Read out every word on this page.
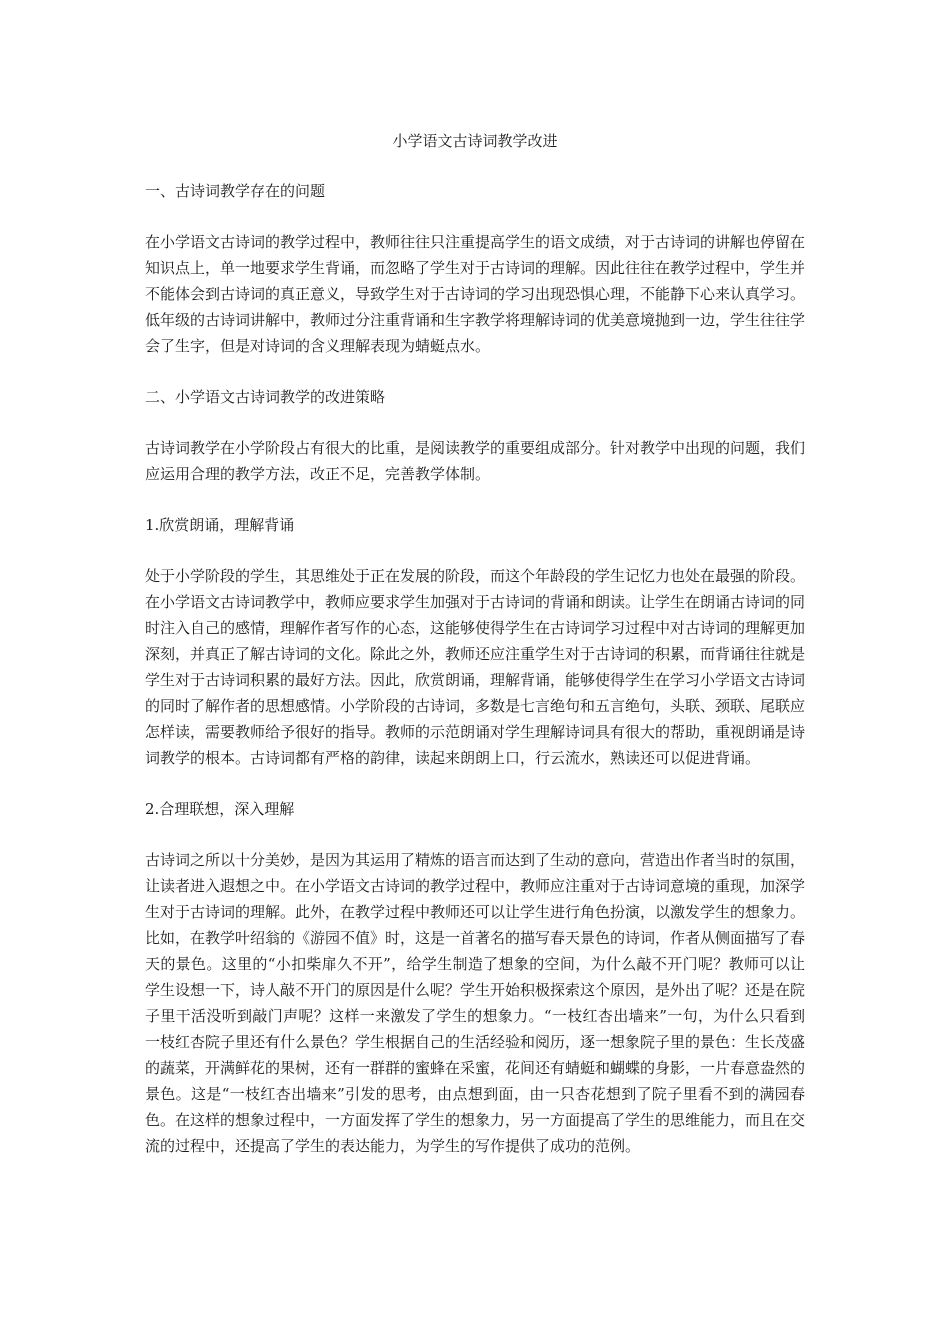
小学语文古诗词教学改进
一、古诗词教学存在的问题
在小学语文古诗词的教学过程中，教师往往只注重提高学生的语文成绩，对于古诗词的讲解也停留在知识点上，单一地要求学生背诵，而忽略了学生对于古诗词的理解。因此往往在教学过程中，学生并不能体会到古诗词的真正意义，导致学生对于古诗词的学习出现恐惧心理，不能静下心来认真学习。低年级的古诗词讲解中，教师过分注重背诵和生字教学将理解诗词的优美意境抛到一边，学生往往学会了生字，但是对诗词的含义理解表现为蜻蜓点水。
二、小学语文古诗词教学的改进策略
古诗词教学在小学阶段占有很大的比重，是阅读教学的重要组成部分。针对教学中出现的问题，我们应运用合理的教学方法，改正不足，完善教学体制。
1.欣赏朗诵，理解背诵
处于小学阶段的学生，其思维处于正在发展的阶段，而这个年龄段的学生记忆力也处在最强的阶段。在小学语文古诗词教学中，教师应要求学生加强对于古诗词的背诵和朗读。让学生在朗诵古诗词的同时注入自己的感情，理解作者写作的心态，这能够使得学生在古诗词学习过程中对古诗词的理解更加深刻，并真正了解古诗词的文化。除此之外，教师还应注重学生对于古诗词的积累，而背诵往往就是学生对于古诗词积累的最好方法。因此，欣赏朗诵，理解背诵，能够使得学生在学习小学语文古诗词的同时了解作者的思想感情。小学阶段的古诗词，多数是七言绝句和五言绝句，头联、颈联、尾联应怎样读，需要教师给予很好的指导。教师的示范朗诵对学生理解诗词具有很大的帮助，重视朗诵是诗词教学的根本。古诗词都有严格的韵律，读起来朗朗上口，行云流水，熟读还可以促进背诵。
2.合理联想，深入理解
古诗词之所以十分美妙，是因为其运用了精炼的语言而达到了生动的意向，营造出作者当时的氛围，让读者进入遐想之中。在小学语文古诗词的教学过程中，教师应注重对于古诗词意境的重现，加深学生对于古诗词的理解。此外，在教学过程中教师还可以让学生进行角色扮演，以激发学生的想象力。比如，在教学叶绍翁的《游园不值》时，这是一首著名的描写春天景色的诗词，作者从侧面描写了春天的景色。这里的“小扣柴扉久不开”，给学生制造了想象的空间，为什么敲不开门呢？教师可以让学生设想一下，诗人敲不开门的原因是什么呢？学生开始积极探索这个原因，是外出了呢？还是在院子里干活没听到敲门声呢？这样一来激发了学生的想象力。“一枝红杏出墙来”一句，为什么只看到一枝红杏院子里还有什么景色？学生根据自己的生活经验和阅历，逐一想象院子里的景色：生长茂盛的蔬菜，开满鲜花的果树，还有一群群的蜜蜂在采蜜，花间还有蜻蜓和蝴蝶的身影，一片春意盎然的景色。这是“一枝红杏出墙来”引发的思考，由点想到面，由一只杏花想到了院子里看不到的满园春色。在这样的想象过程中，一方面发挥了学生的想象力，另一方面提高了学生的思维能力，而且在交流的过程中，还提高了学生的表达能力，为学生的写作提供了成功的范例。
